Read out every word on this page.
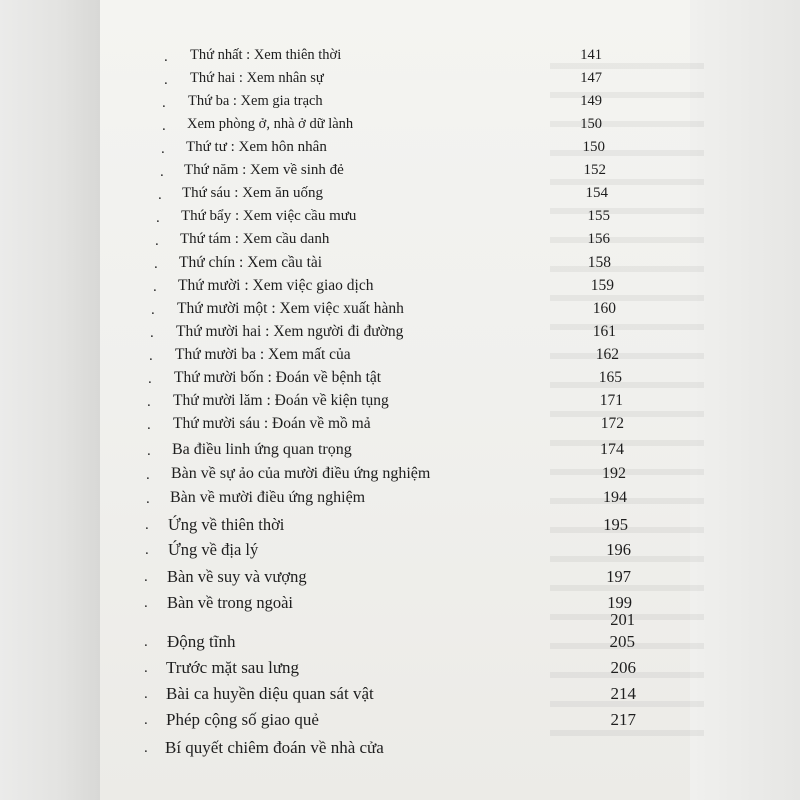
. Thứ nhất : Xem thiên thời	141
. Thứ hai : Xem nhân sự	147
. Thứ ba : Xem gia trạch	149
. Xem phòng ở, nhà ở dữ lành	150
. Thứ tư : Xem hôn nhân	150
. Thứ năm : Xem về sinh đẻ	152
. Thứ sáu : Xem ăn uống	154
. Thứ bẩy : Xem việc cầu mưu	155
. Thứ tám : Xem cầu danh	156
. Thứ chín : Xem cầu tài	158
. Thứ mười : Xem việc giao dịch	159
. Thứ mười một : Xem việc xuất hành	160
. Thứ mười hai : Xem người đi đường	161
. Thứ mười ba : Xem mất của	162
. Thứ mười bốn : Đoán về bệnh tật	165
. Thứ mười lăm : Đoán về kiện tụng	171
. Thứ mười sáu : Đoán về mồ mả	172
. Ba điều linh ứng quan trọng	174
. Bàn về sự ảo của mười điều ứng nghiệm	192
. Bàn về mười điều ứng nghiệm	194
. Ứng về thiên thời	195
. Ứng về địa lý	196
. Bàn về suy và vượng	197
. Bàn về trong ngoài	199
201
. Động tĩnh	205
. Trước mặt sau lưng	206
. Bài ca huyền diệu quan sát vật	214
. Phép cộng số giao quẻ	217
. Bí quyết chiêm đoán về nhà cửa
